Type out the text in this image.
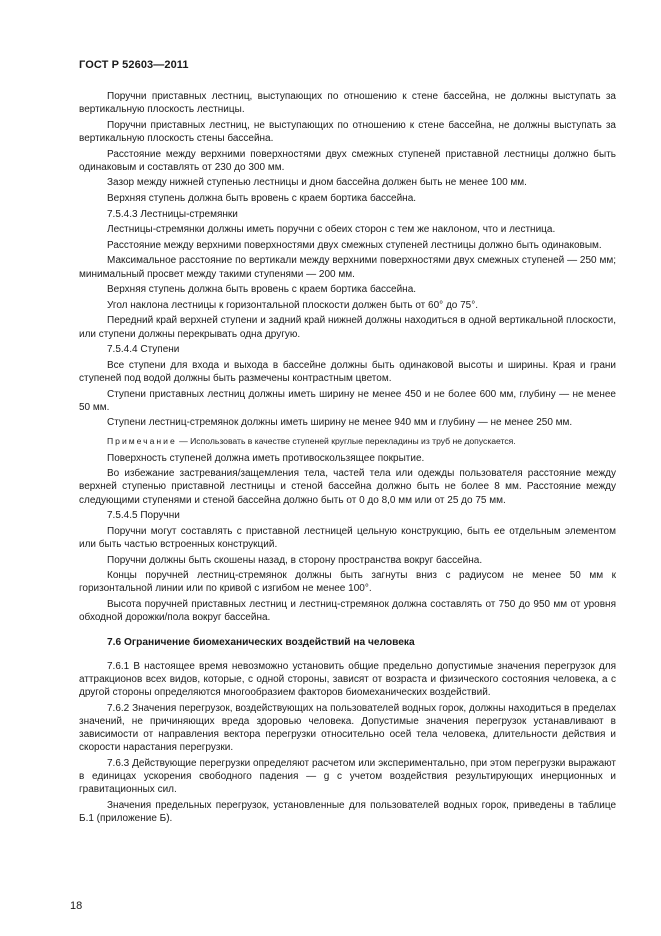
ГОСТ Р 52603—2011

Поручни приставных лестниц, выступающих по отношению к стене бассейна, не должны выступать за вертикальную плоскость лестницы.

Поручни приставных лестниц, не выступающих по отношению к стене бассейна, не должны выступать за вертикальную плоскость стены бассейна.

Расстояние между верхними поверхностями двух смежных ступеней приставной лестницы должно быть одинаковым и составлять от 230 до 300 мм.

Зазор между нижней ступенью лестницы и дном бассейна должен быть не менее 100 мм.

Верхняя ступень должна быть вровень с краем бортика бассейна.

7.5.4.3 Лестницы-стремянки

Лестницы-стремянки должны иметь поручни с обеих сторон с тем же наклоном, что и лестница.

Расстояние между верхними поверхностями двух смежных ступеней лестницы должно быть одинаковым.

Максимальное расстояние по вертикали между верхними поверхностями двух смежных ступеней — 250 мм; минимальный просвет между такими ступенями — 200 мм.

Верхняя ступень должна быть вровень с краем бортика бассейна.

Угол наклона лестницы к горизонтальной плоскости должен быть от 60° до 75°.

Передний край верхней ступени и задний край нижней должны находиться в одной вертикальной плоскости, или ступени должны перекрывать одна другую.

7.5.4.4 Ступени

Все ступени для входа и выхода в бассейне должны быть одинаковой высоты и ширины. Края и грани ступеней под водой должны быть размечены контрастным цветом.

Ступени приставных лестниц должны иметь ширину не менее 450 и не более 600 мм, глубину — не менее 50 мм.

Ступени лестниц-стремянок должны иметь ширину не менее 940 мм и глубину — не менее 250 мм.

Примечание — Использовать в качестве ступеней круглые перекладины из труб не допускается.

Поверхность ступеней должна иметь противоскользящее покрытие.

Во избежание застревания/защемления тела, частей тела или одежды пользователя расстояние между верхней ступенью приставной лестницы и стеной бассейна должно быть не более 8 мм. Расстояние между следующими ступенями и стеной бассейна должно быть от 0 до 8,0 мм или от 25 до 75 мм.

7.5.4.5 Поручни

Поручни могут составлять с приставной лестницей цельную конструкцию, быть ее отдельным элементом или быть частью встроенных конструкций.

Поручни должны быть скошены назад, в сторону пространства вокруг бассейна.

Концы поручней лестниц-стремянок должны быть загнуты вниз с радиусом не менее 50 мм к горизонтальной линии или по кривой с изгибом не менее 100°.

Высота поручней приставных лестниц и лестниц-стремянок должна составлять от 750 до 950 мм от уровня обходной дорожки/пола вокруг бассейна.

7.6 Ограничение биомеханических воздействий на человека

7.6.1 В настоящее время невозможно установить общие предельно допустимые значения перегрузок для аттракционов всех видов, которые, с одной стороны, зависят от возраста и физического состояния человека, а с другой стороны определяются многообразием факторов биомеханических воздействий.

7.6.2 Значения перегрузок, воздействующих на пользователей водных горок, должны находиться в пределах значений, не причиняющих вреда здоровью человека. Допустимые значения перегрузок устанавливают в зависимости от направления вектора перегрузки относительно осей тела человека, длительности действия и скорости нарастания перегрузки.

7.6.3 Действующие перегрузки определяют расчетом или экспериментально, при этом перегрузки выражают в единицах ускорения свободного падения — g с учетом воздействия результирующих инерционных и гравитационных сил.

Значения предельных перегрузок, установленные для пользователей водных горок, приведены в таблице Б.1 (приложение Б).

18
